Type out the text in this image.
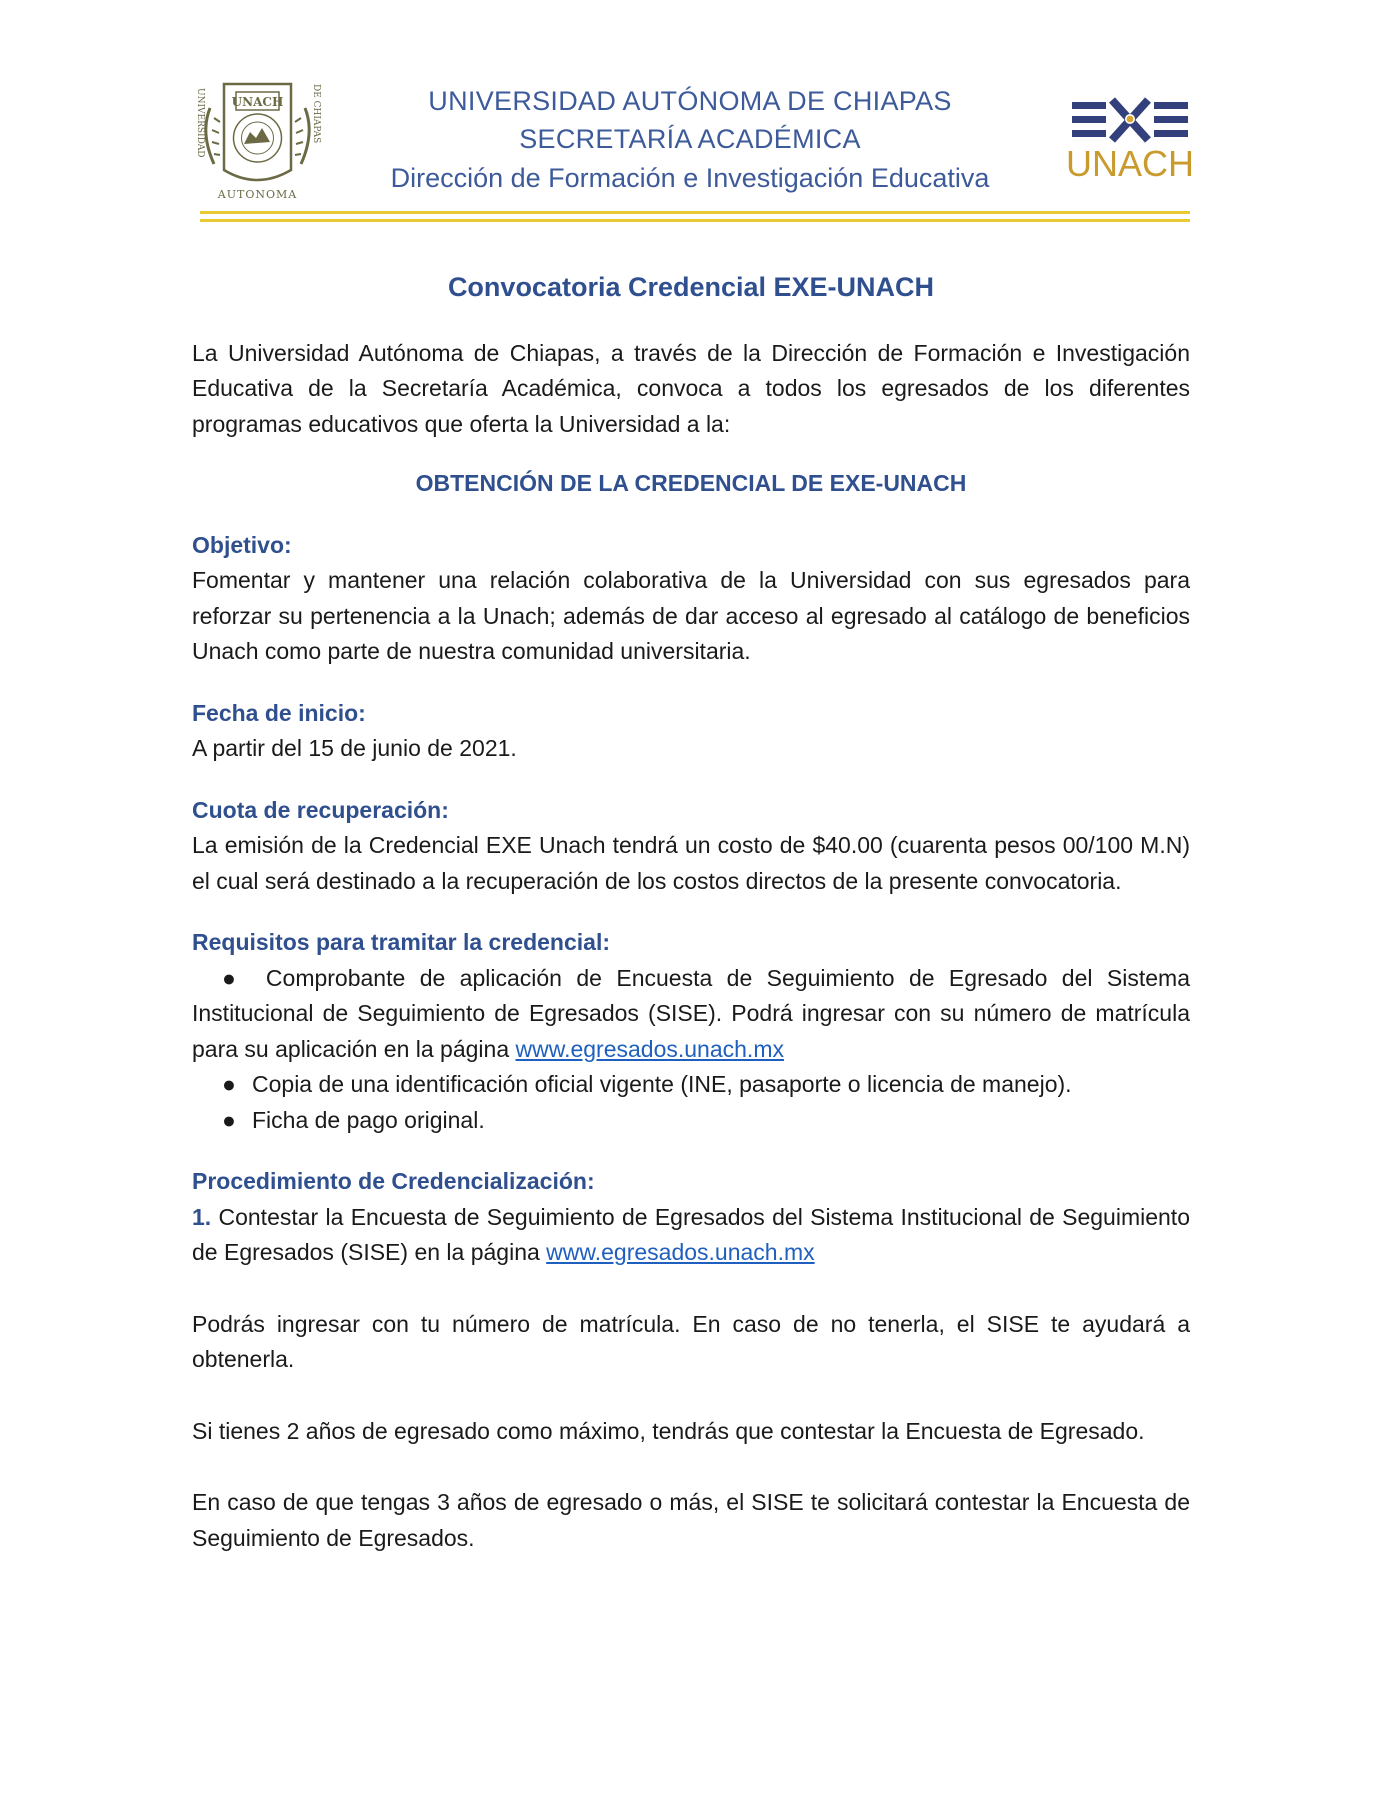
UNIVERSIDAD	DE CHIAPAS
UNACH
AUTONOMA
UNIVERSIDAD AUTÓNOMA DE CHIAPAS
SECRETARÍA ACADÉMICA
Dirección de Formación e Investigación Educativa	UNACH
Convocatoria Credencial EXE-UNACH

La Universidad Autónoma de Chiapas, a través de la Dirección de Formación e Investigación Educativa de la Secretaría Académica, convoca a todos los egresados de los diferentes programas educativos que oferta la Universidad a la:

OBTENCIÓN DE LA CREDENCIAL DE EXE-UNACH

Objetivo:

Fomentar y mantener una relación colaborativa de la Universidad con sus egresados para reforzar su pertenencia a la Unach; además de dar acceso al egresado al catálogo de beneficios Unach como parte de nuestra comunidad universitaria.

Fecha de inicio:

A partir del 15 de junio de 2021.

Cuota de recuperación:

La emisión de la Credencial EXE Unach tendrá un costo de $40.00 (cuarenta pesos 00/100 M.N) el cual será destinado a la recuperación de los costos directos de la presente convocatoria.

Requisitos para tramitar la credencial:

● Comprobante de aplicación de Encuesta de Seguimiento de Egresado del Sistema Institucional de Seguimiento de Egresados (SISE). Podrá ingresar con su número de matrícula para su aplicación en la página www.egresados.unach.mx

● Copia de una identificación oficial vigente (INE, pasaporte o licencia de manejo).

● Ficha de pago original.

Procedimiento de Credencialización:

1. Contestar la Encuesta de Seguimiento de Egresados del Sistema Institucional de Seguimiento de Egresados (SISE) en la página www.egresados.unach.mx

Podrás ingresar con tu número de matrícula. En caso de no tenerla, el SISE te ayudará a obtenerla.

Si tienes 2 años de egresado como máximo, tendrás que contestar la Encuesta de Egresado.

En caso de que tengas 3 años de egresado o más, el SISE te solicitará contestar la Encuesta de Seguimiento de Egresados.
